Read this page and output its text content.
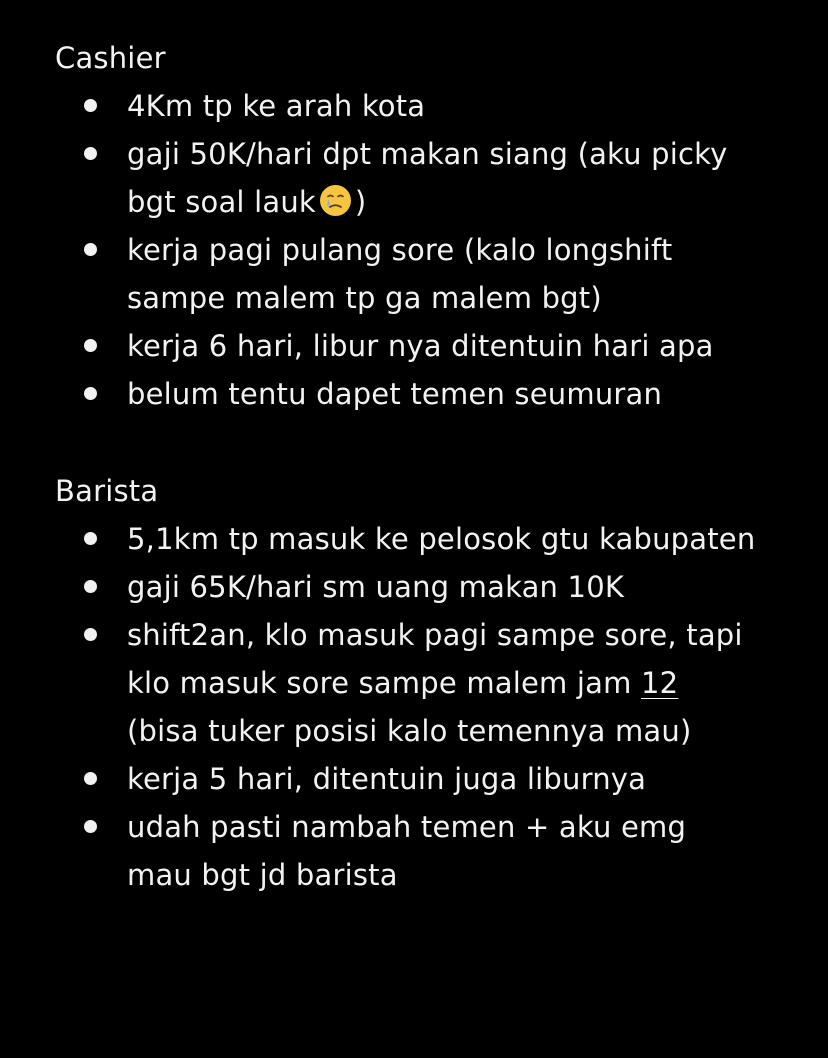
Cashier
4Km tp ke arah kota
gaji 50K/hari dpt makan siang (aku picky
bgt soal lauk )
kerja pagi pulang sore (kalo longshift
sampe malem tp ga malem bgt)
kerja 6 hari, libur nya ditentuin hari apa
belum tentu dapet temen seumuran
Barista
5,1km tp masuk ke pelosok gtu kabupaten
gaji 65K/hari sm uang makan 10K
shift2an, klo masuk pagi sampe sore, tapi
klo masuk sore sampe malem jam 12
(bisa tuker posisi kalo temennya mau)
kerja 5 hari, ditentuin juga liburnya
udah pasti nambah temen + aku emg
mau bgt jd barista
